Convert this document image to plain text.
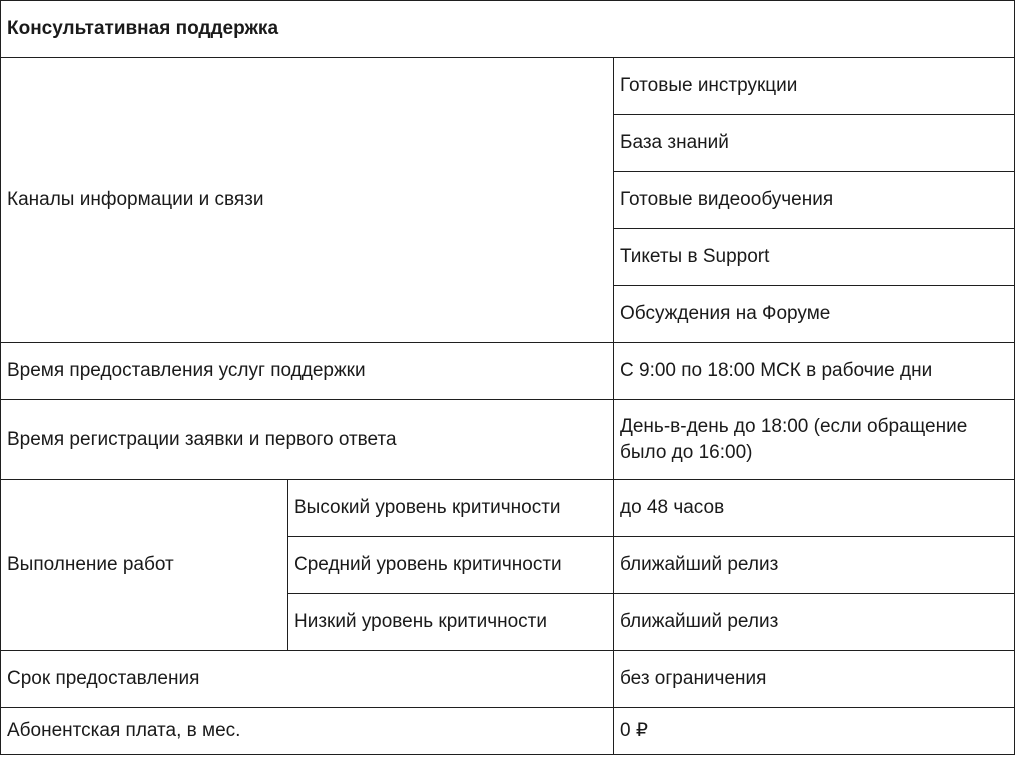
Консультативная поддержка		
Каналы информации и связи		Готовые инструкции
		База знаний
		Готовые видеообучения
		Тикеты в Support
		Обсуждения на Форуме
Время предоставления услуг поддержки		С 9:00 по 18:00 МСК в рабочие дни
Время регистрации заявки и первого ответа		День-в-день до 18:00 (если обращение было до 16:00)
Выполнение работ	Высокий уровень критичности	до 48 часов
	Средний уровень критичности	ближайший релиз
	Низкий уровень критичности	ближайший релиз
Срок предоставления		без ограничения
Абонентская плата, в мес.		0 ₽
